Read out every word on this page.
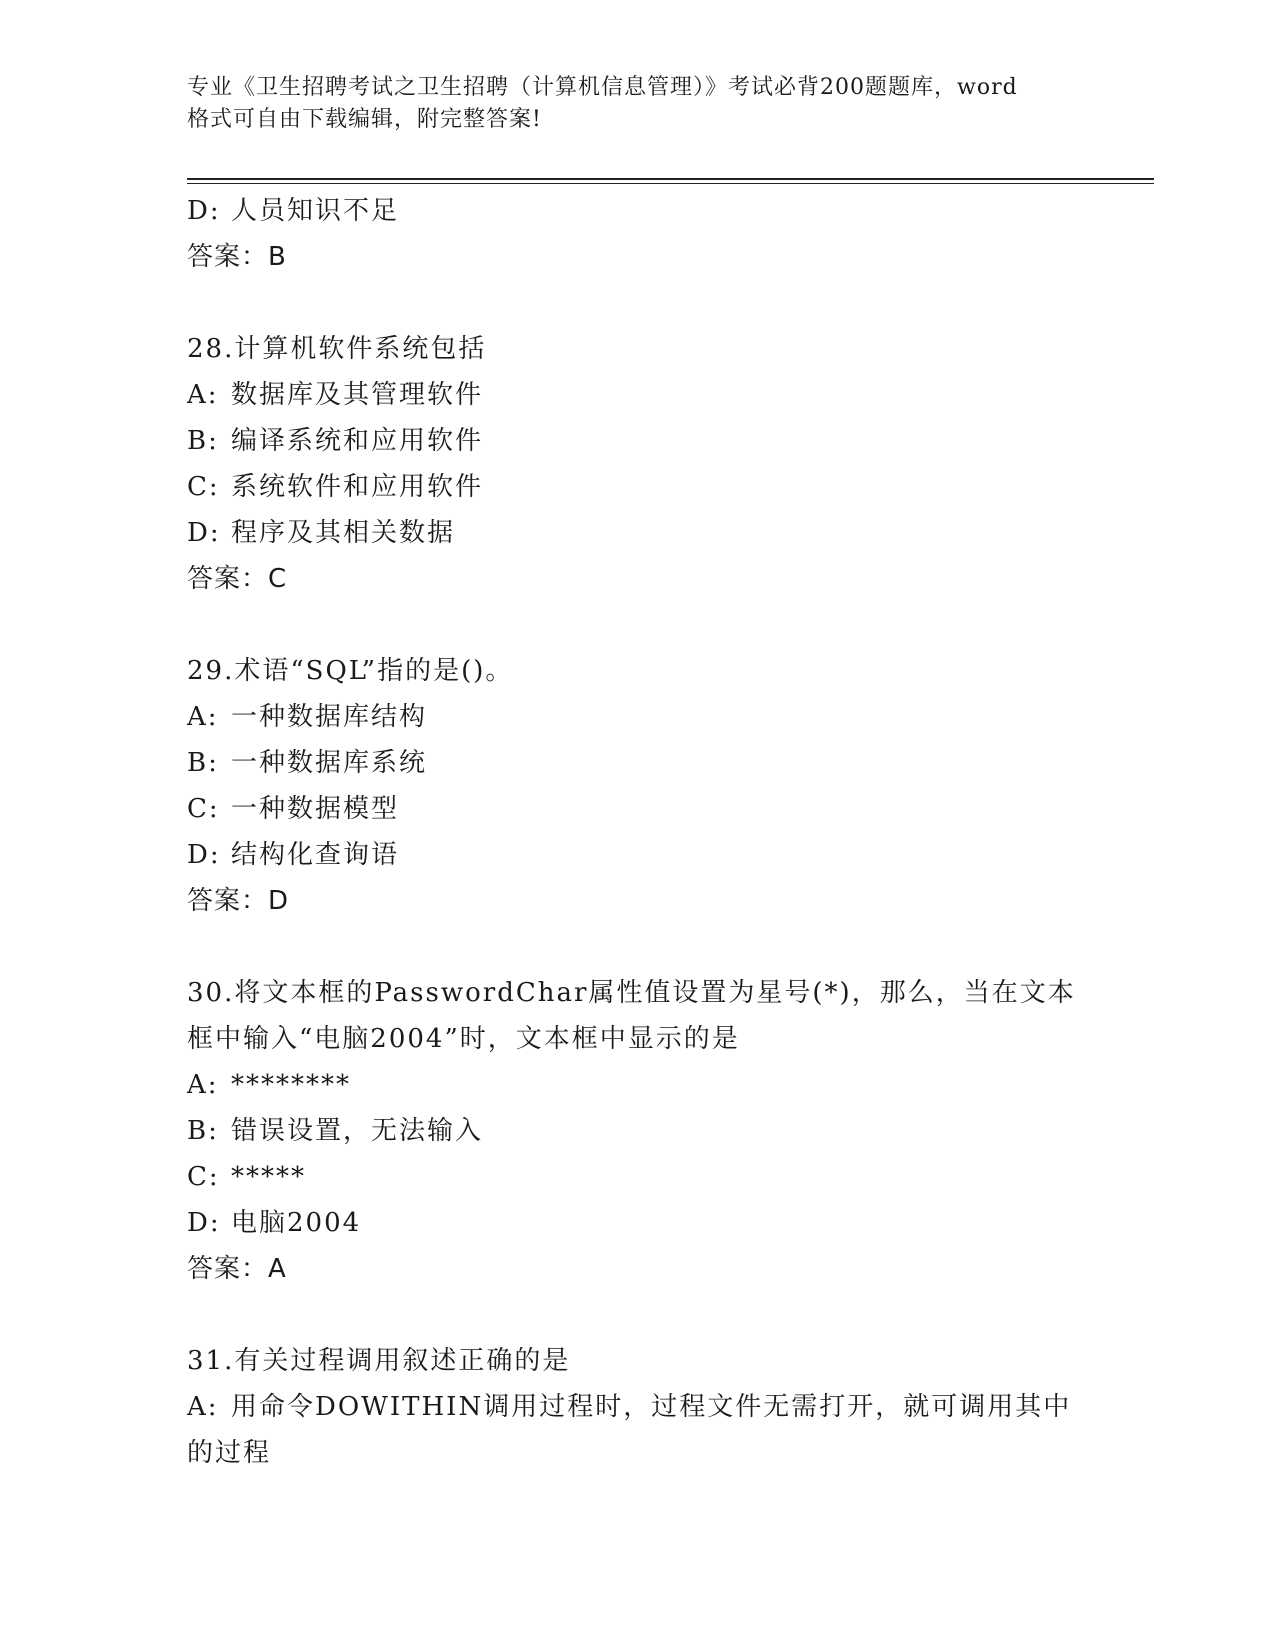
专业《卫生招聘考试之卫生招聘（计算机信息管理）》考试必背200题题库，word
格式可自由下载编辑，附完整答案!
D: 人员知识不足
答案：B
28.计算机软件系统包括
A: 数据库及其管理软件
B: 编译系统和应用软件
C: 系统软件和应用软件
D: 程序及其相关数据
答案：C
29.术语“SQL”指的是()。
A: 一种数据库结构
B: 一种数据库系统
C: 一种数据模型
D: 结构化查询语
答案：D
30.将文本框的PasswordChar属性值设置为星号(*)，那么，当在文本
框中输入“电脑2004”时，文本框中显示的是
A: ********
B: 错误设置，无法输入
C: *****
D: 电脑2004
答案：A
31.有关过程调用叙述正确的是
A: 用命令DOWITHIN调用过程时，过程文件无需打开，就可调用其中
的过程
